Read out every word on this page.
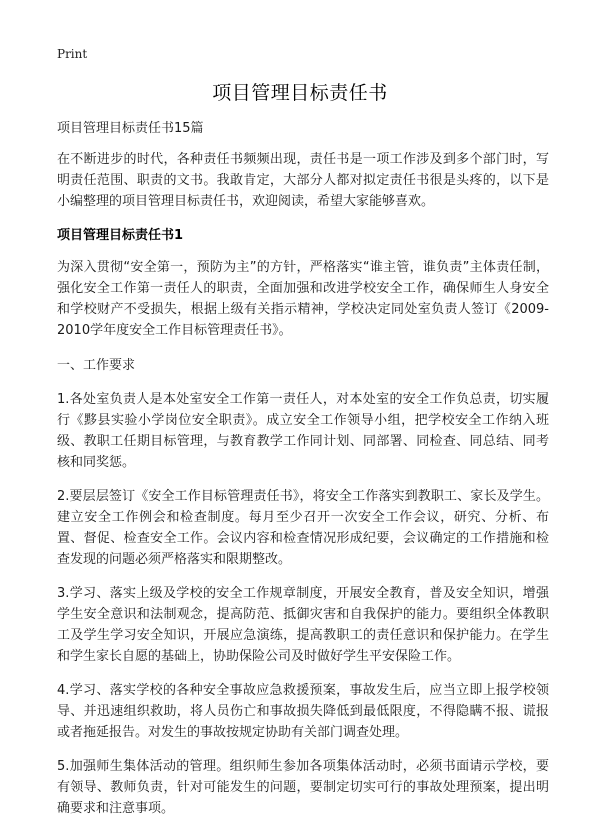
Print
项目管理目标责任书

项目管理目标责任书15篇

在不断进步的时代，各种责任书频频出现，责任书是一项工作涉及到多个部门时，写明责任范围、职责的文书。我敢肯定，大部分人都对拟定责任书很是头疼的，以下是小编整理的项目管理目标责任书，欢迎阅读，希望大家能够喜欢。

项目管理目标责任书1

为深入贯彻“安全第一，预防为主”的方针，严格落实“谁主管，谁负责”主体责任制，强化安全工作第一责任人的职责，全面加强和改进学校安全工作，确保师生人身安全和学校财产不受损失，根据上级有关指示精神，学校决定同处室负责人签订《2009-2010学年度安全工作目标管理责任书》。

一、工作要求

1.各处室负责人是本处室安全工作第一责任人，对本处室的安全工作负总责，切实履行《黟县实验小学岗位安全职责》。成立安全工作领导小组，把学校安全工作纳入班级、教职工任期目标管理，与教育教学工作同计划、同部署、同检查、同总结、同考核和同奖惩。

2.要层层签订《安全工作目标管理责任书》，将安全工作落实到教职工、家长及学生。建立安全工作例会和检查制度。每月至少召开一次安全工作会议，研究、分析、布置、督促、检查安全工作。会议内容和检查情况形成纪要，会议确定的工作措施和检查发现的问题必须严格落实和限期整改。

3.学习、落实上级及学校的安全工作规章制度，开展安全教育，普及安全知识，增强学生安全意识和法制观念，提高防范、抵御灾害和自我保护的能力。要组织全体教职工及学生学习安全知识，开展应急演练，提高教职工的责任意识和保护能力。在学生和学生家长自愿的基础上，协助保险公司及时做好学生平安保险工作。

4.学习、落实学校的各种安全事故应急救援预案，事故发生后，应当立即上报学校领导、并迅速组织救助，将人员伤亡和事故损失降低到最低限度，不得隐瞒不报、谎报或者拖延报告。对发生的事故按规定协助有关部门调查处理。

5.加强师生集体活动的管理。组织师生参加各项集体活动时，必须书面请示学校，要有领导、教师负责，针对可能发生的问题，要制定切实可行的事故处理预案，提出明确要求和注意事项。
